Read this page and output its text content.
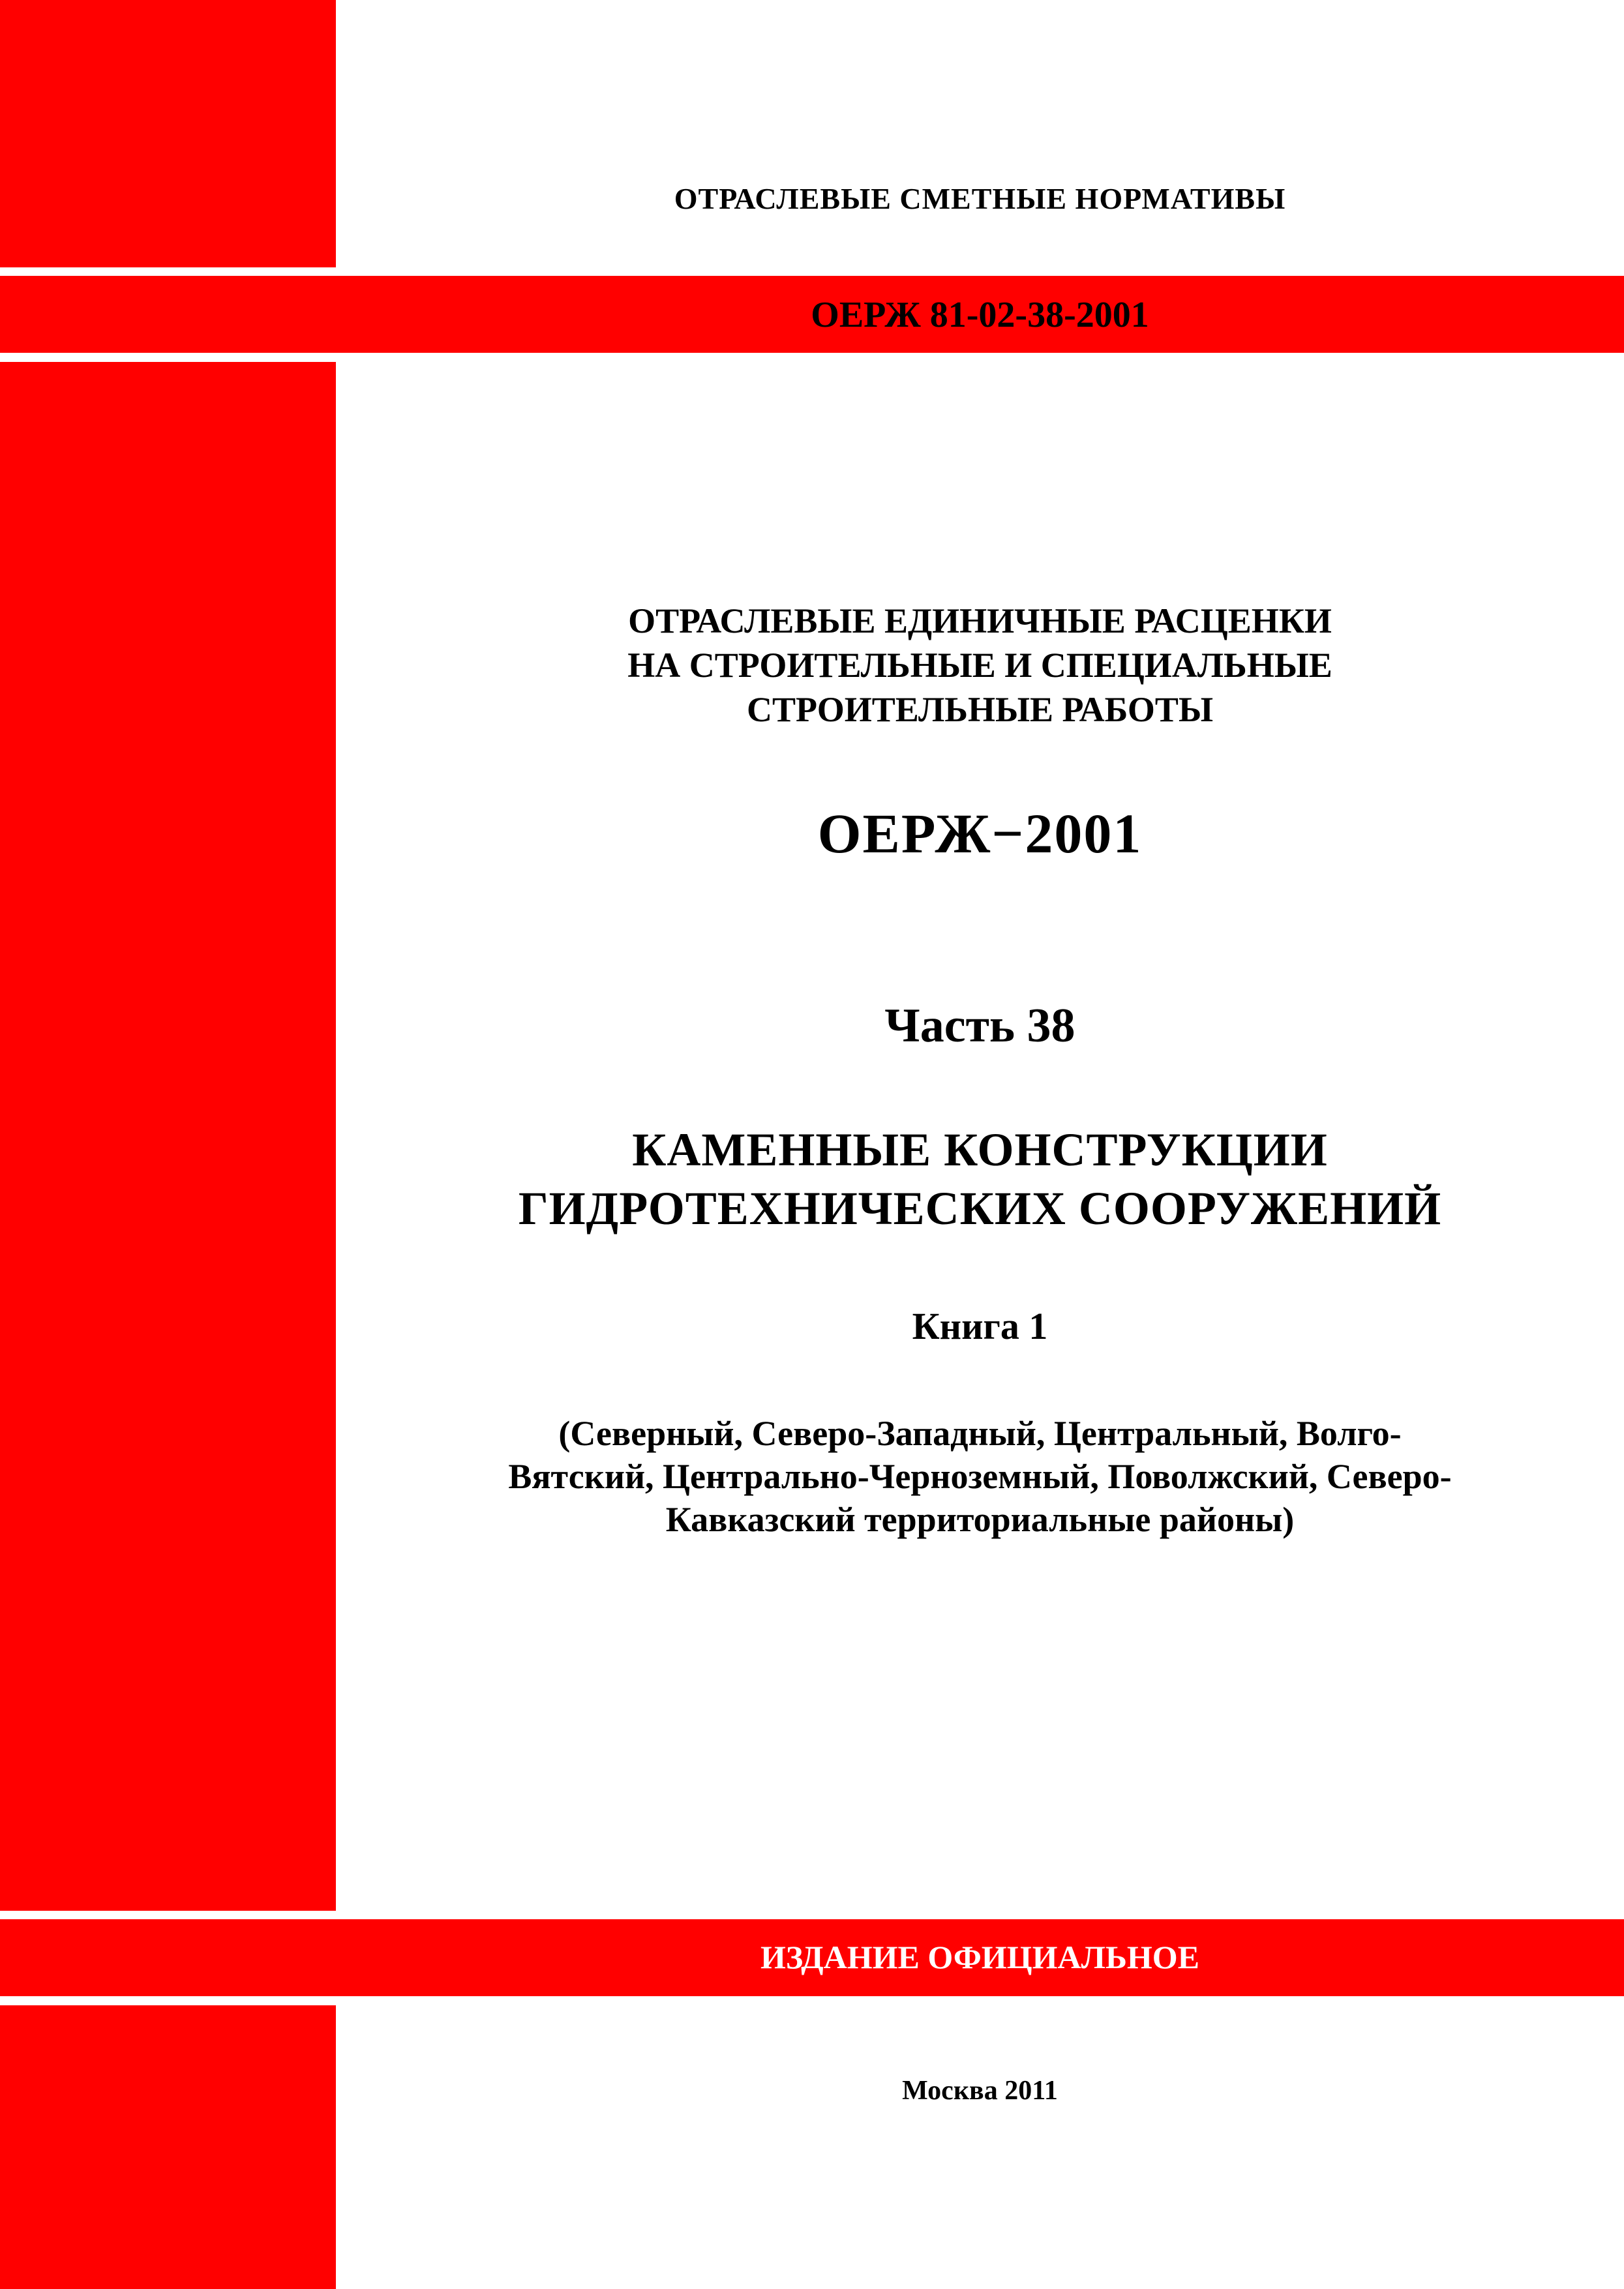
ОТРАСЛЕВЫЕ СМЕТНЫЕ НОРМАТИВЫ

ОЕРЖ 81-02-38-2001

ОТРАСЛЕВЫЕ ЕДИНИЧНЫЕ РАСЦЕНКИ
НА СТРОИТЕЛЬНЫЕ И СПЕЦИАЛЬНЫЕ
СТРОИТЕЛЬНЫЕ РАБОТЫ

ОЕРЖ−2001

Часть 38

КАМЕННЫЕ КОНСТРУКЦИИ
ГИДРОТЕХНИЧЕСКИХ СООРУЖЕНИЙ

Книга 1

(Северный, Северо-Западный, Центральный, Волго-
Вятский, Центрально-Черноземный, Поволжский, Северо-
Кавказский территориальные районы)

ИЗДАНИЕ ОФИЦИАЛЬНОЕ

Москва 2011
